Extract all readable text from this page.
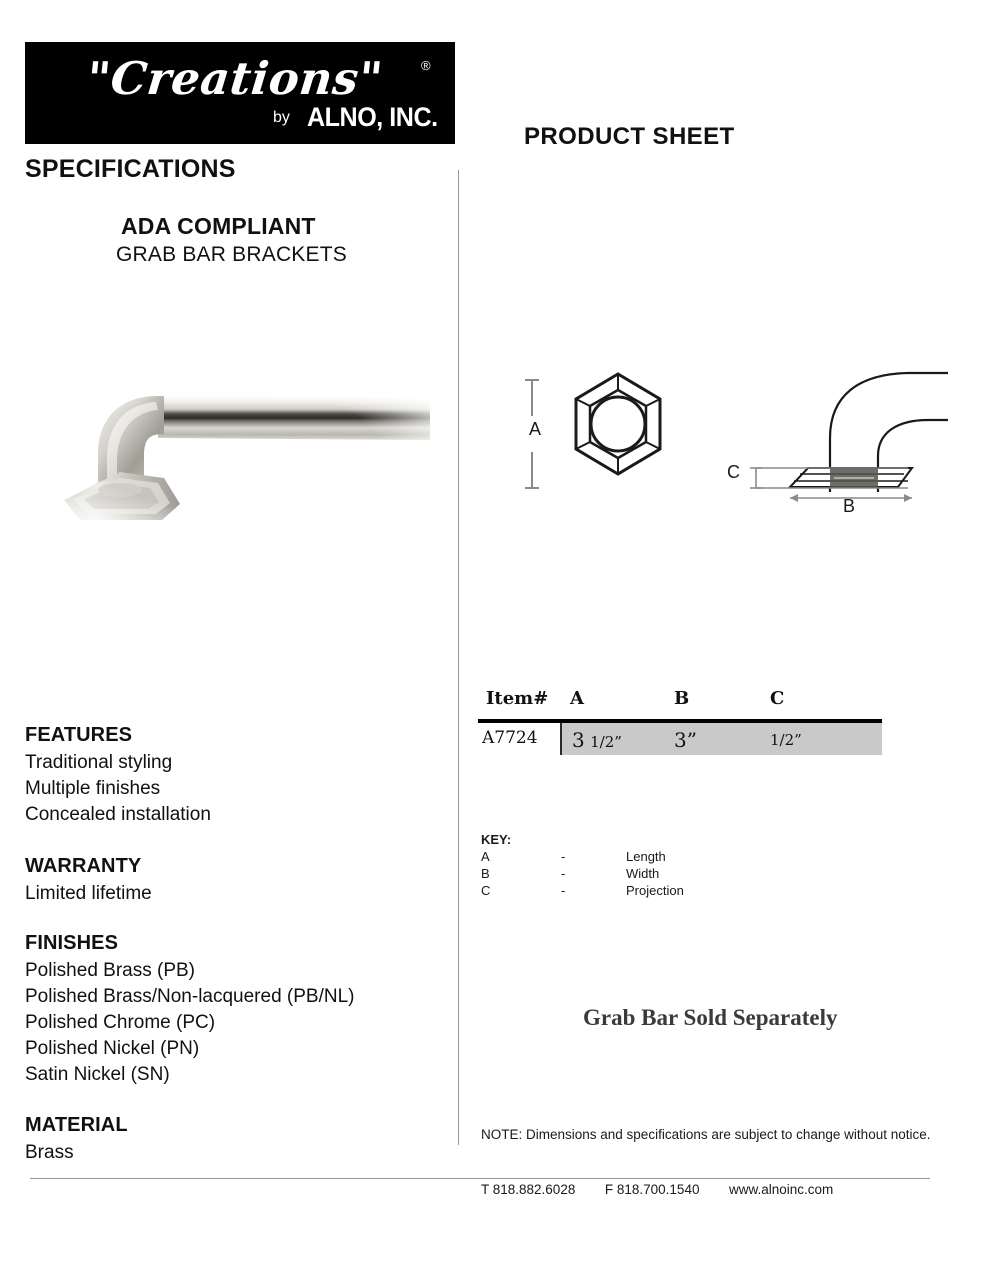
"Creations"	®
by ALNO, INC.
SPECIFICATIONS
PRODUCT SHEET
ADA COMPLIANT
GRAB BAR BRACKETS
FEATURES
Traditional styling
Multiple finishes
Concealed installation
WARRANTY
Limited lifetime
FINISHES
Polished Brass (PB)
Polished Brass/Non-lacquered (PB/NL)
Polished Chrome (PC)
Polished Nickel (PN)
Satin Nickel (SN)
MATERIAL
Brass
A
C
B
Item# A	B	C
A7724 3 1/2”	3”	1/2”
KEY:
A	-	Length
B	-	Width
C	-	Projection
Grab Bar Sold Separately
NOTE: Dimensions and specifications are subject to change without notice.
T 818.882.6028 F 818.700.1540 www.alnoinc.com
